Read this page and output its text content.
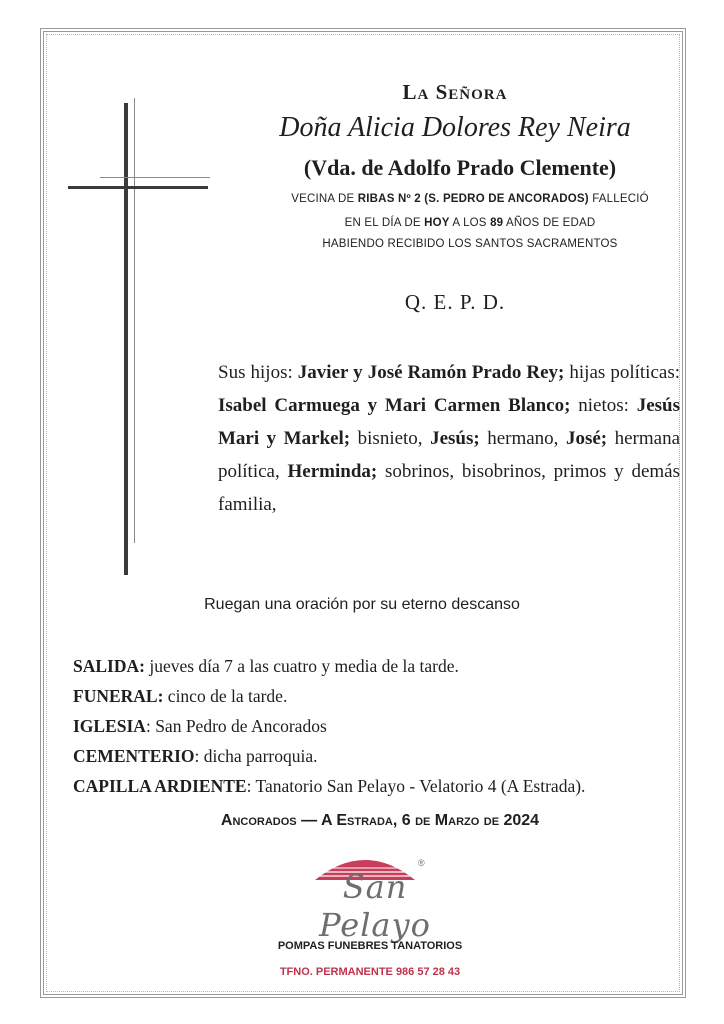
La Señora
Doña Alicia Dolores Rey Neira
(Vda. de Adolfo Prado Clemente)
VECINA DE RIBAS Nº 2 (S. PEDRO DE ANCORADOS) FALLECIÓ
EN EL DÍA DE HOY A LOS 89 AÑOS DE EDAD
HABIENDO RECIBIDO LOS SANTOS SACRAMENTOS
Q. E. P. D.
Sus hijos: Javier y José Ramón Prado Rey; hijas políticas: Isabel Carmuega y Mari Carmen Blanco; nietos: Jesús Mari y Markel; bisnieto, Jesús; hermano, José; hermana política, Herminda; sobrinos, bisobrinos, primos y demás familia,
Ruegan una oración por su eterno descanso
SALIDA: jueves día 7 a las cuatro y media de la tarde.
FUNERAL: cinco de la tarde.
IGLESIA: San Pedro de Ancorados
CEMENTERIO: dicha parroquia.
CAPILLA ARDIENTE: Tanatorio San Pelayo - Velatorio 4 (A Estrada).
Ancorados — A Estrada, 6 de Marzo de 2024
®
San Pelayo
POMPAS FUNEBRES TANATORIOS
TFNO. PERMANENTE 986 57 28 43
